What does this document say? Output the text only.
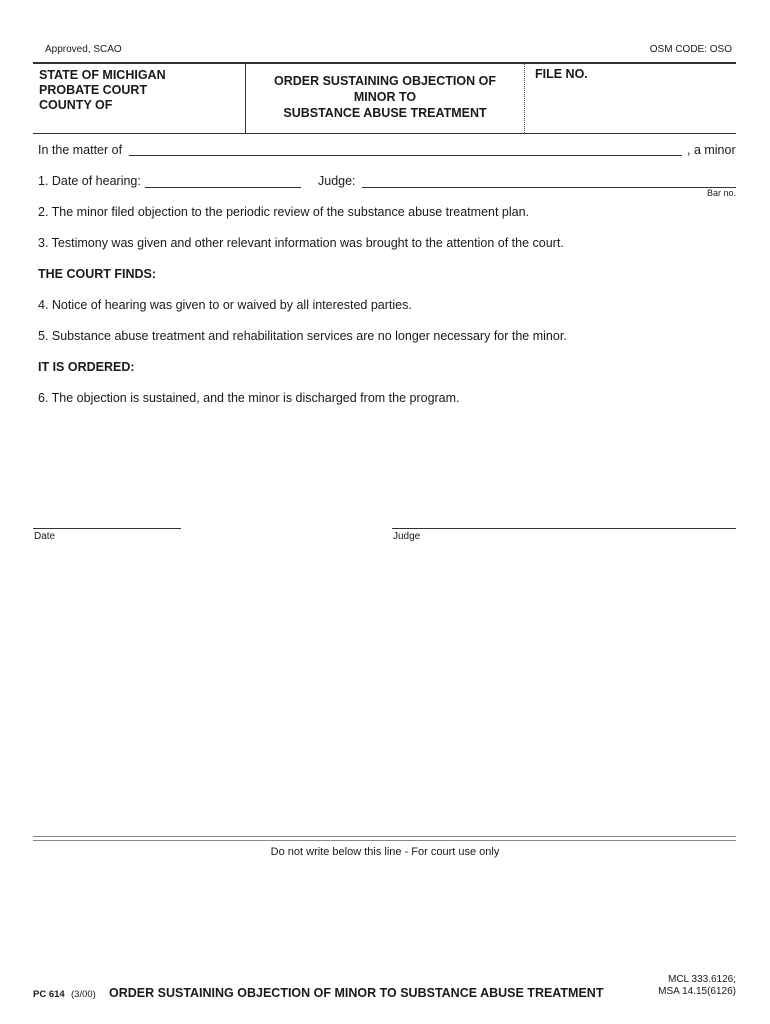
Approved, SCAO	OSM CODE: OSO
STATE OF MICHIGAN
PROBATE COURT
COUNTY OF
ORDER SUSTAINING OBJECTION OF
MINOR TO
SUBSTANCE ABUSE TREATMENT
FILE NO.
In the matter of	, a minor
1. Date of hearing:	Judge:
Bar no.
2. The minor filed objection to the periodic review of the substance abuse treatment plan.
3. Testimony was given and other relevant information was brought to the attention of the court.
THE COURT FINDS:
4. Notice of hearing was given to or waived by all interested parties.
5. Substance abuse treatment and rehabilitation services are no longer necessary for the minor.
IT IS ORDERED:
6. The objection is sustained, and the minor is discharged from the program.
Date	Judge
Do not write below this line - For court use only
PC 614 (3/00) ORDER SUSTAINING OBJECTION OF MINOR TO SUBSTANCE ABUSE TREATMENT
MCL 333.6126;
MSA 14.15(6126)
